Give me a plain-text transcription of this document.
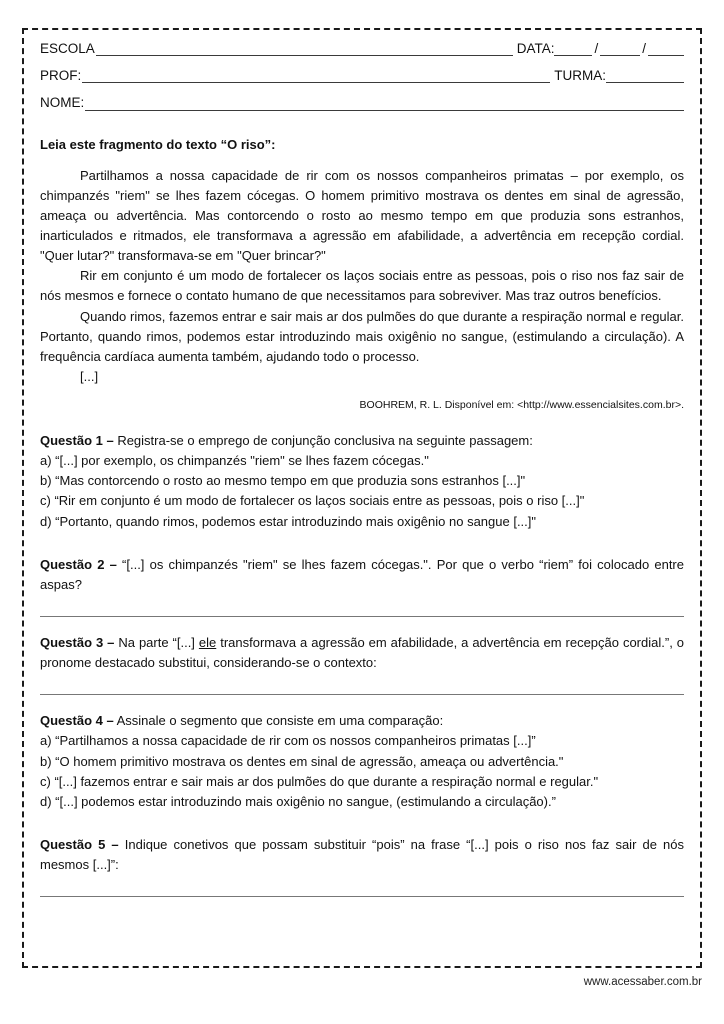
ESCOLA	DATA:	/	/
PROF:	TURMA:
NOME:
Leia este fragmento do texto “O riso”:

Partilhamos a nossa capacidade de rir com os nossos companheiros primatas – por exemplo, os chimpanzés "riem" se lhes fazem cócegas. O homem primitivo mostrava os dentes em sinal de agressão, ameaça ou advertência. Mas contorcendo o rosto ao mesmo tempo em que produzia sons estranhos, inarticulados e ritmados, ele transformava a agressão em afabilidade, a advertência em recepção cordial. "Quer lutar?" transformava-se em "Quer brincar?"

Rir em conjunto é um modo de fortalecer os laços sociais entre as pessoas, pois o riso nos faz sair de nós mesmos e fornece o contato humano de que necessitamos para sobreviver. Mas traz outros benefícios.

Quando rimos, fazemos entrar e sair mais ar dos pulmões do que durante a respiração normal e regular. Portanto, quando rimos, podemos estar introduzindo mais oxigênio no sangue, (estimulando a circulação). A frequência cardíaca aumenta também, ajudando todo o processo.

[...]
BOOHREM, R. L. Disponível em: <http://www.essencialsites.com.br>.
Questão 1 – Registra-se o emprego de conjunção conclusiva na seguinte passagem:
a) “[...] por exemplo, os chimpanzés "riem" se lhes fazem cócegas."
b) “Mas contorcendo o rosto ao mesmo tempo em que produzia sons estranhos [...]"
c) “Rir em conjunto é um modo de fortalecer os laços sociais entre as pessoas, pois o riso [...]"
d) “Portanto, quando rimos, podemos estar introduzindo mais oxigênio no sangue [...]"
Questão 2 – “[...] os chimpanzés "riem" se lhes fazem cócegas.". Por que o verbo “riem” foi colocado entre aspas?
Questão 3 – Na parte “[...] ele transformava a agressão em afabilidade, a advertência em recepção cordial.”, o pronome destacado substitui, considerando-se o contexto:
Questão 4 – Assinale o segmento que consiste em uma comparação:
a) “Partilhamos a nossa capacidade de rir com os nossos companheiros primatas [...]”
b) “O homem primitivo mostrava os dentes em sinal de agressão, ameaça ou advertência."
c) “[...] fazemos entrar e sair mais ar dos pulmões do que durante a respiração normal e regular."
d) “[...] podemos estar introduzindo mais oxigênio no sangue, (estimulando a circulação).”
Questão 5 – Indique conetivos que possam substituir “pois” na frase “[...] pois o riso nos faz sair de nós mesmos [...]”:
www.acessaber.com.br
